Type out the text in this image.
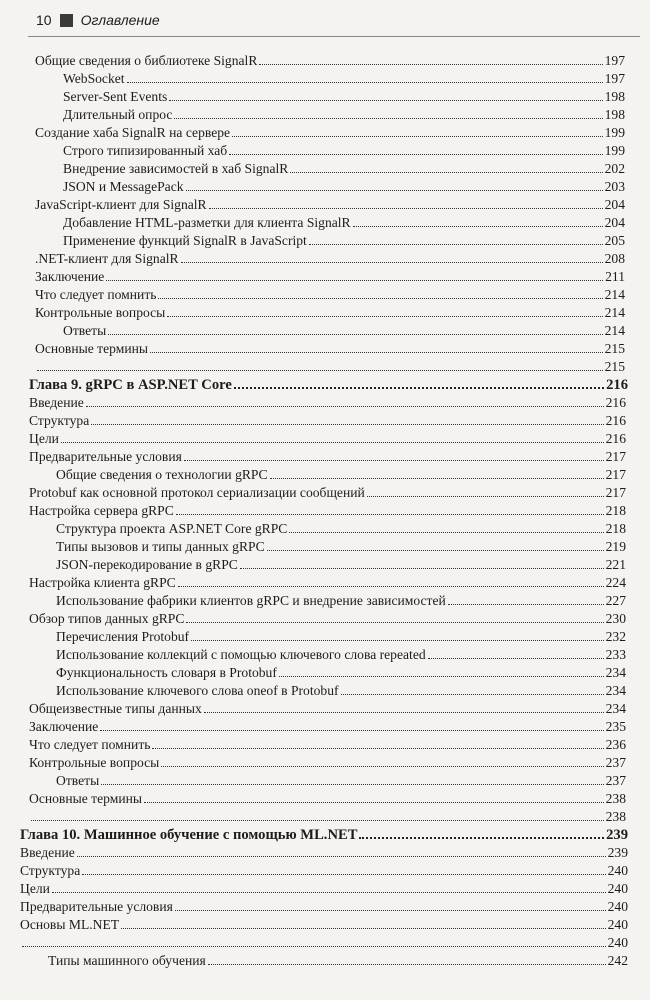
10 Оглавление
Общие сведения о библиотеке SignalR	197
WebSocket	197
Server-Sent Events	198
Длительный опрос	198
Создание хаба SignalR на сервере	199
Строго типизированный хаб	199
Внедрение зависимостей в хаб SignalR	202
JSON и MessagePack	203
JavaScript-клиент для SignalR	204
Добавление HTML-разметки для клиента SignalR	204
Применение функций SignalR в JavaScript	205
.NET-клиент для SignalR	208
Заключение	211
Что следует помнить	214
Контрольные вопросы	214
Ответы	214
Основные термины	215
215
Глава 9. gRPC в ASP.NET Core	216
Введение	216
Структура	216
Цели	216
Предварительные условия	217
Общие сведения о технологии gRPC	217
Protobuf как основной протокол сериализации сообщений	217
Настройка сервера gRPC	218
Структура проекта ASP.NET Core gRPC	218
Типы вызовов и типы данных gRPC	219
JSON-перекодирование в gRPC	221
Настройка клиента gRPC	224
Использование фабрики клиентов gRPC и внедрение зависимостей	227
Обзор типов данных gRPC	230
Перечисления Protobuf	232
Использование коллекций с помощью ключевого слова repeated	233
Функциональность словаря в Protobuf	234
Использование ключевого слова oneof в Protobuf	234
Общеизвестные типы данных	234
Заключение	235
Что следует помнить	236
Контрольные вопросы	237
Ответы	237
Основные термины	238
238
Глава 10. Машинное обучение с помощью ML.NET	239
Введение	239
Структура	240
Цели	240
Предварительные условия	240
Основы ML.NET	240
240
Типы машинного обучения	242
